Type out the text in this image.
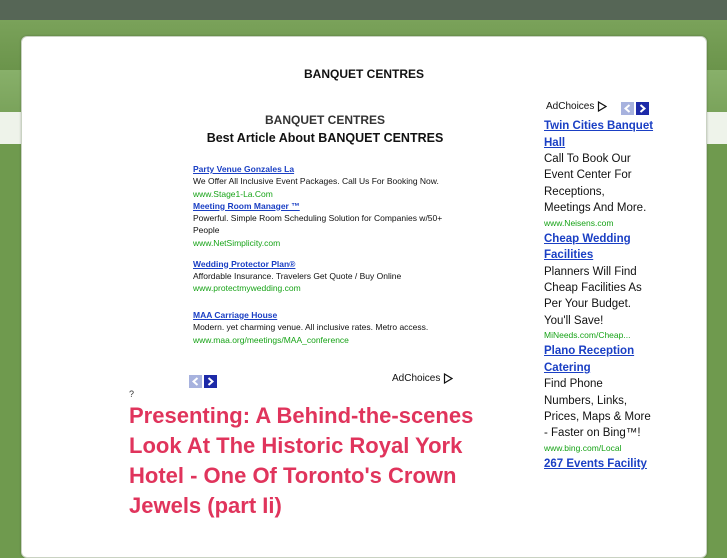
BANQUET CENTRES
BANQUET CENTRES
Best Article About BANQUET CENTRES
Party Venue Gonzales La
We Offer All Inclusive Event Packages. Call Us For Booking Now.
www.Stage1-La.Com
Meeting Room Manager ™
Powerful. Simple Room Scheduling Solution for Companies w/50+ People
www.NetSimplicity.com
Wedding Protector Plan®
Affordable Insurance. Travelers Get Quote / Buy Online
www.protectmywedding.com
MAA Carriage House
Modern. yet charming venue. All inclusive rates. Metro access.
www.maa.org/meetings/MAA_conference
AdChoices
?
Presenting: A Behind-the-scenes Look At The Historic Royal York Hotel - One Of Toronto's Crown Jewels (part Ii)
AdChoices
Twin Cities Banquet Hall
Call To Book Our Event Center For Receptions, Meetings And More.
www.Neisens.com
Cheap Wedding Facilities
Planners Will Find Cheap Facilities As Per Your Budget. You'll Save!
MiNeeds.com/Cheap...
Plano Reception Catering
Find Phone Numbers, Links, Prices, Maps & More - Faster on Bing™!
www.bing.com/Local
267 Events Facility
